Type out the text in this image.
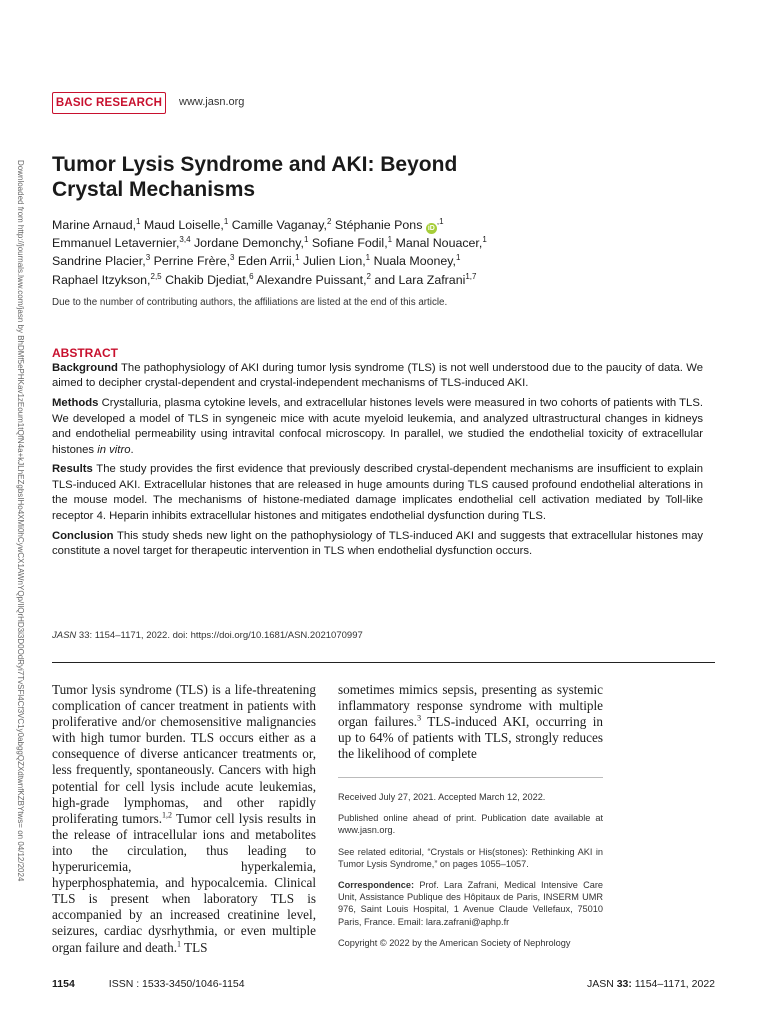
BASIC RESEARCH	www.jasn.org
Downloaded from http://journals.lww.com/jasn by BhDMf5ePHKav1zEoum1tQfN4a+kJLhEZgbsIHo4XMi0hCywCX1AWnYQp/IlQrHD3i3D0OdRyi7TvSFl4Cf3VC1y0abggQZXdtwnfKZBYtws= on 04/12/2024 Tumor Lysis Syndrome and AKI: Beyond
Crystal Mechanisms
Marine Arnaud,$^1$ Maud Loiselle,$^1$ Camille Vaganay,$^2$ Stéphanie Pons $iD^{,1}$
Emmanuel Letavernier,$^{3,4}$ Jordane Demonchy,$^1$ Sofiane Fodil,$^1$ Manal Nouacer,$^1$
Sandrine Placier,$^3$ Perrine Frère,$^3$ Eden Arrii,$^1$ Julien Lion,$^1$ Nuala Mooney,$^1$
Raphael Itzykson,$^{2,5}$ Chakib Djediat,$^6$ Alexandre Puissant,$^2$ and Lara Zafrani$^{1,7}$
Due to the number of contributing authors, the affiliations are listed at the end of this article.
ABSTRACT

Background The pathophysiology of AKI during tumor lysis syndrome (TLS) is not well understood due to the paucity of data. We aimed to decipher crystal-dependent and crystal-independent mechanisms of TLS-induced AKI.

Methods Crystalluria, plasma cytokine levels, and extracellular histones levels were measured in two cohorts of patients with TLS. We developed a model of TLS in syngeneic mice with acute myeloid leukemia, and analyzed ultrastructural changes in kidneys and endothelial permeability using intravital confocal microscopy. In parallel, we studied the endothelial toxicity of extracellular histones in vitro.

Results The study provides the first evidence that previously described crystal-dependent mechanisms are insufficient to explain TLS-induced AKI. Extracellular histones that are released in huge amounts during TLS caused profound endothelial alterations in the mouse model. The mechanisms of histone-mediated damage implicates endothelial cell activation mediated by Toll-like receptor 4. Heparin inhibits extracellular histones and mitigates endothelial dysfunction during TLS.

Conclusion This study sheds new light on the pathophysiology of TLS-induced AKI and suggests that extracellular histones may constitute a novel target for therapeutic intervention in TLS when endothelial dysfunction occurs.

JASN 33: 1154–1171, 2022. doi: https://doi.org/10.1681/ASN.2021070997

Tumor lysis syndrome (TLS) is a life-threatening complication of cancer treatment in patients with proliferative and/or chemosensitive malignancies with high tumor burden. TLS occurs either as a consequence of diverse anticancer treatments or, less frequently, spontaneously. Cancers with high potential for cell lysis include acute leukemias, high-grade lymphomas, and other rapidly proliferating tumors.$^{1,2}$ Tumor cell lysis results in the release of intracellular ions and metabolites into the circulation, thus leading to hyperuricemia, hyperkalemia, hyperphosphatemia, and hypocalcemia. Clinical TLS is present when laboratory TLS is accompanied by an increased creatinine level, seizures, cardiac dysrhythmia, or even multiple organ failure and death.$^1$ TLS

sometimes mimics sepsis, presenting as systemic inflammatory response syndrome with multiple organ failures.$^3$ TLS-induced AKI, occurring in up to 64% of patients with TLS, strongly reduces the likelihood of complete

Received July 27, 2021. Accepted March 12, 2022.

Published online ahead of print. Publication date available at www.jasn.org.

See related editorial, “Crystals or His(stones): Rethinking AKI in Tumor Lysis Syndrome,” on pages 1055–1057.

Correspondence: Prof. Lara Zafrani, Medical Intensive Care Unit, Assistance Publique des Hôpitaux de Paris, INSERM UMR 976, Saint Louis Hospital, 1 Avenue Claude Vellefaux, 75010 Paris, France. Email: lara.zafrani@aphp.fr

Copyright © 2022 by the American Society of Nephrology

1154	ISSN : 1533-3450/1046-1154	JASN 33: 1154–1171, 2022
